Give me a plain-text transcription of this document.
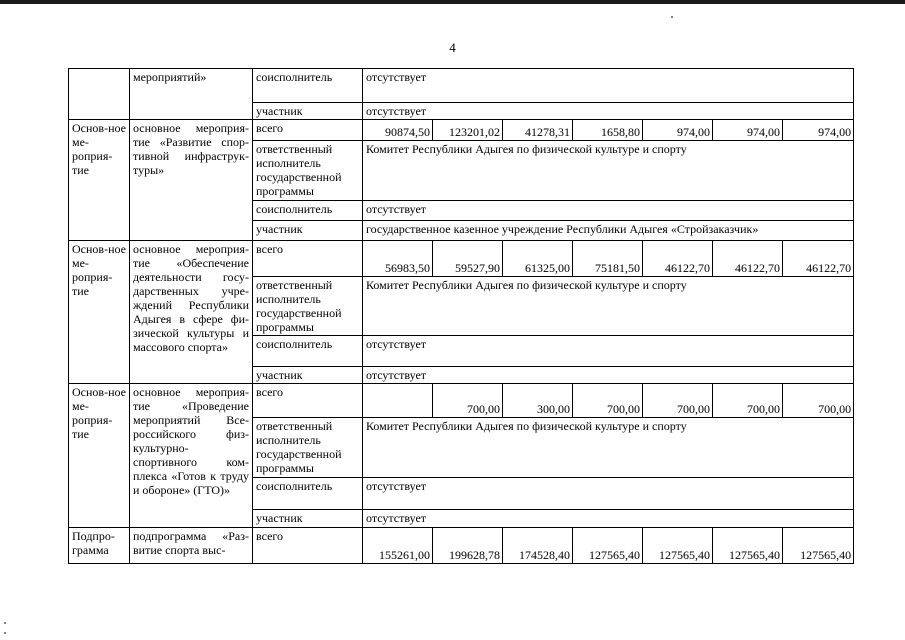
4
	мероприятий»	соисполнитель	отсутствует						
		участник	отсутствует						
Основ-ное ме-роприя-тие	основное мероприя-тие «Развитие спор-тивной инфраструк-туры»	всего	90874,50	123201,02	41278,31	1658,80	974,00	974,00	974,00
		ответственный исполнитель государственной программы	Комитет Республики Адыгея по физической культуре и спорту						
		соисполнитель	отсутствует						
		участник	государственное казенное учреждение Республики Адыгея «Стройзаказчик»						
Основ-ное ме-роприя-тие	основное мероприя-тие «Обеспечение деятельности госу-дарственных учре-ждений Республики Адыгея в сфере фи-зической культуры и массового спорта»	всего	56983,50	59527,90	61325,00	75181,50	46122,70	46122,70	46122,70
		ответственный исполнитель государственной программы	Комитет Республики Адыгея по физической культуре и спорту						
		соисполнитель	отсутствует						
		участник	отсутствует						
Основ-ное ме-роприя-тие	основное мероприя-тие «Проведение мероприятий Все-российского физ-культурно-спортивного ком-плекса «Готов к труду и обороне» (ГТО)»	всего		700,00	300,00	700,00	700,00	700,00	700,00
		ответственный исполнитель государственной программы	Комитет Республики Адыгея по физической культуре и спорту						
		соисполнитель	отсутствует						
		участник	отсутствует						
Подпро-грамма	подпрограмма «Раз-витие спорта выс-	всего	155261,00	199628,78	174528,40	127565,40	127565,40	127565,40	127565,40
